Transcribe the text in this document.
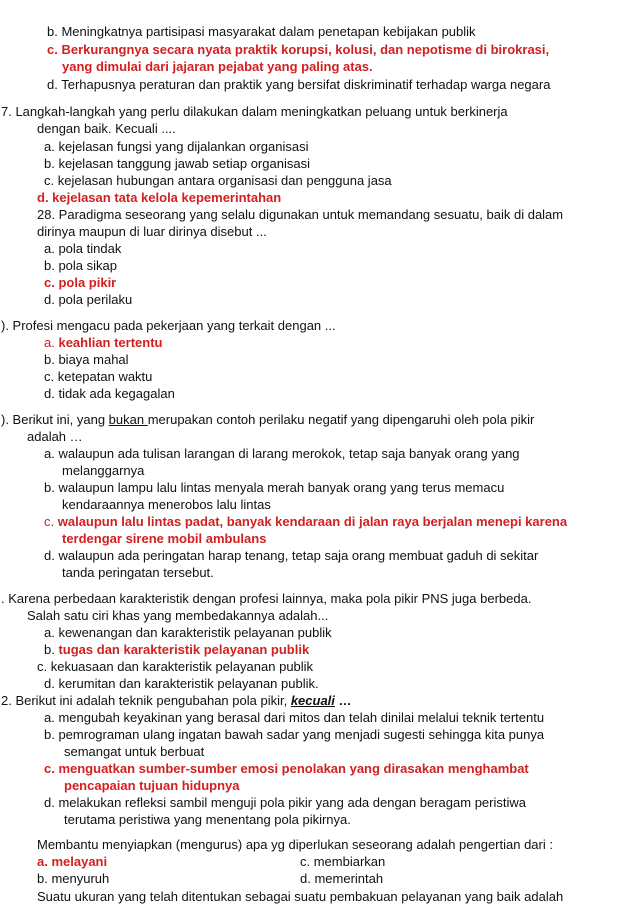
b. Meningkatnya partisipasi masyarakat dalam penetapan kebijakan publik
c. Berkurangnya secara nyata praktik korupsi, kolusi, dan nepotisme di birokrasi,
yang dimulai dari jajaran pejabat yang paling atas.
d. Terhapusnya peraturan dan praktik yang bersifat diskriminatif terhadap warga negara
7. Langkah-langkah yang perlu dilakukan dalam meningkatkan peluang untuk berkinerja
dengan baik. Kecuali ....
a. kejelasan fungsi yang dijalankan organisasi
b. kejelasan tanggung jawab setiap organisasi
c. kejelasan hubungan antara organisasi dan pengguna jasa
d. kejelasan tata kelola kepemerintahan
28. Paradigma seseorang yang selalu digunakan untuk memandang sesuatu, baik di dalam
dirinya maupun di luar dirinya disebut ...
a. pola tindak
b. pola sikap
c. pola pikir
d. pola perilaku
). Profesi mengacu pada pekerjaan yang terkait dengan ...
a. keahlian tertentu
b. biaya mahal
c. ketepatan waktu
d. tidak ada kegagalan
). Berikut ini, yang bukan merupakan contoh perilaku negatif yang dipengaruhi oleh pola pikir
adalah …
a. walaupun ada tulisan larangan di larang merokok, tetap saja banyak orang yang
melanggarnya
b. walaupun lampu lalu lintas menyala merah banyak orang yang terus memacu
kendaraannya menerobos lalu lintas
c. walaupun lalu lintas padat, banyak kendaraan di jalan raya berjalan menepi karena
terdengar sirene mobil ambulans
d. walaupun ada peringatan harap tenang, tetap saja orang membuat gaduh di sekitar
tanda peringatan tersebut.
. Karena perbedaan karakteristik dengan profesi lainnya, maka pola pikir PNS juga berbeda.
Salah satu ciri khas yang membedakannya adalah...
a. kewenangan dan karakteristik pelayanan publik
b. tugas dan karakteristik pelayanan publik
c. kekuasaan dan karakteristik pelayanan publik
d. kerumitan dan karakteristik pelayanan publik.
2. Berikut ini adalah teknik pengubahan pola pikir, kecuali …
a. mengubah keyakinan yang berasal dari mitos dan telah dinilai melalui teknik tertentu
b. pemrograman ulang ingatan bawah sadar yang menjadi sugesti sehingga kita punya
semangat untuk berbuat
c. menguatkan sumber-sumber emosi penolakan yang dirasakan menghambat
pencapaian tujuan hidupnya
d. melakukan refleksi sambil menguji pola pikir yang ada dengan beragam peristiwa
terutama peristiwa yang menentang pola pikirnya.
Membantu menyiapkan (mengurus) apa yg diperlukan seseorang adalah pengertian dari :
a. melayani	c. membiarkan
b. menyuruh	d. memerintah
Suatu ukuran yang telah ditentukan sebagai suatu pembakuan pelayanan yang baik adalah
